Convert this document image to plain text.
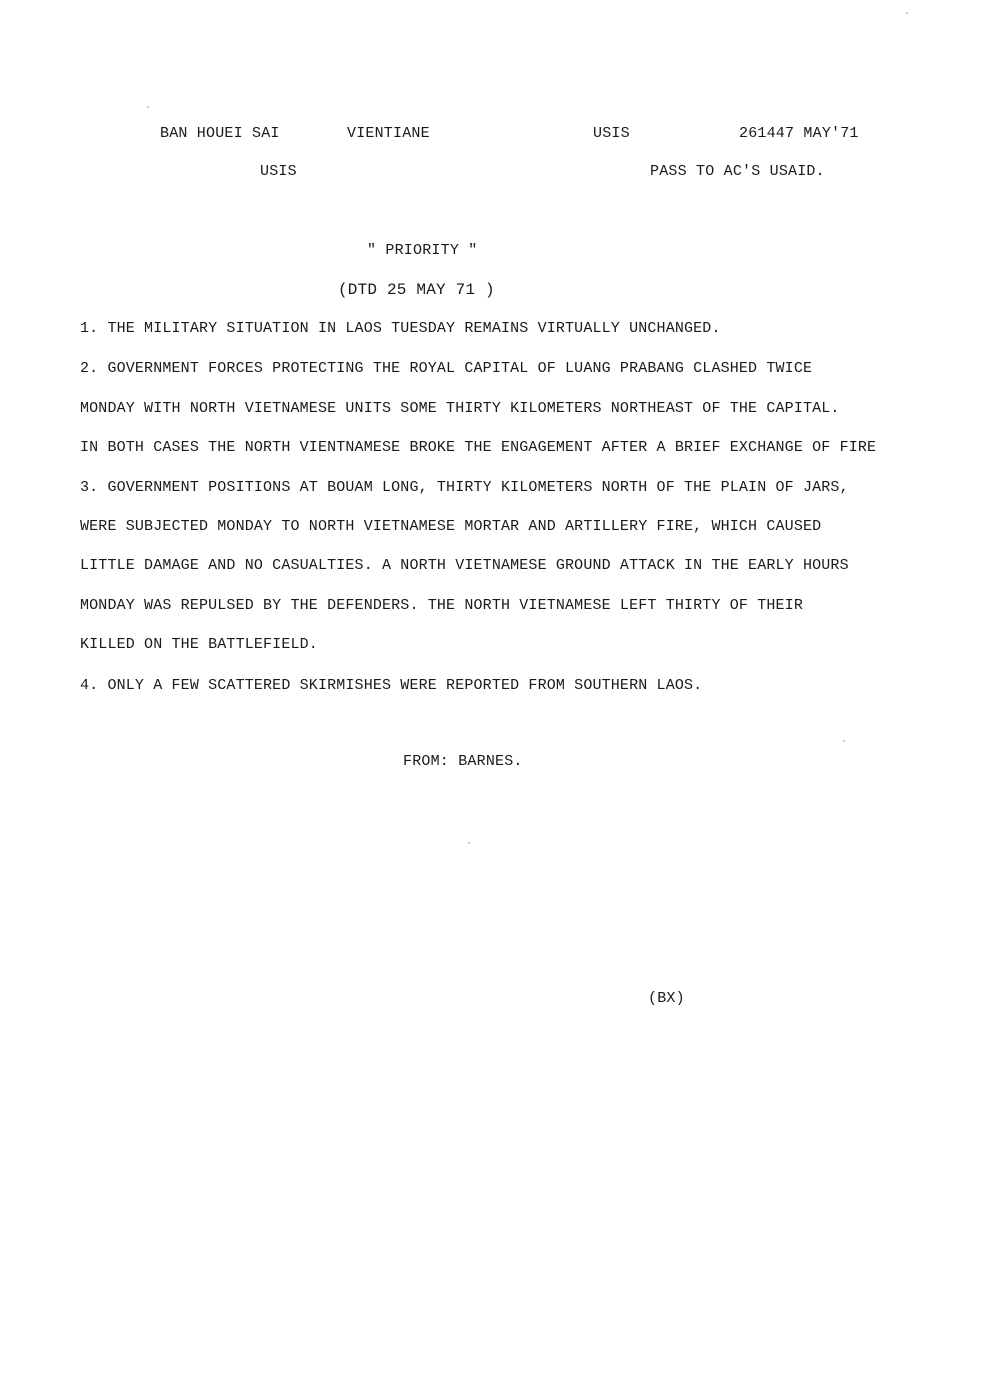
BAN HOUEI SAI	VIENTIANE	USIS	261447 MAY'71
USIS	PASS TO AC'S USAID.
" PRIORITY "
(DTD 25 MAY 71 )
1. THE MILITARY SITUATION IN LAOS TUESDAY REMAINS VIRTUALLY UNCHANGED.
2. GOVERNMENT FORCES PROTECTING THE ROYAL CAPITAL OF LUANG PRABANG CLASHED TWICE
MONDAY WITH NORTH VIETNAMESE UNITS SOME THIRTY KILOMETERS NORTHEAST OF THE CAPITAL.
IN BOTH CASES THE NORTH VIENTNAMESE BROKE THE ENGAGEMENT AFTER A BRIEF EXCHANGE OF FIRE
3. GOVERNMENT POSITIONS AT BOUAM LONG, THIRTY KILOMETERS NORTH OF THE PLAIN OF JARS,
WERE SUBJECTED MONDAY TO NORTH VIETNAMESE MORTAR AND ARTILLERY FIRE, WHICH CAUSED
LITTLE DAMAGE AND NO CASUALTIES. A NORTH VIETNAMESE GROUND ATTACK IN THE EARLY HOURS
MONDAY WAS REPULSED BY THE DEFENDERS. THE NORTH VIETNAMESE LEFT THIRTY OF THEIR
KILLED ON THE BATTLEFIELD.
4. ONLY A FEW SCATTERED SKIRMISHES WERE REPORTED FROM SOUTHERN LAOS.
FROM: BARNES.
(BX)
